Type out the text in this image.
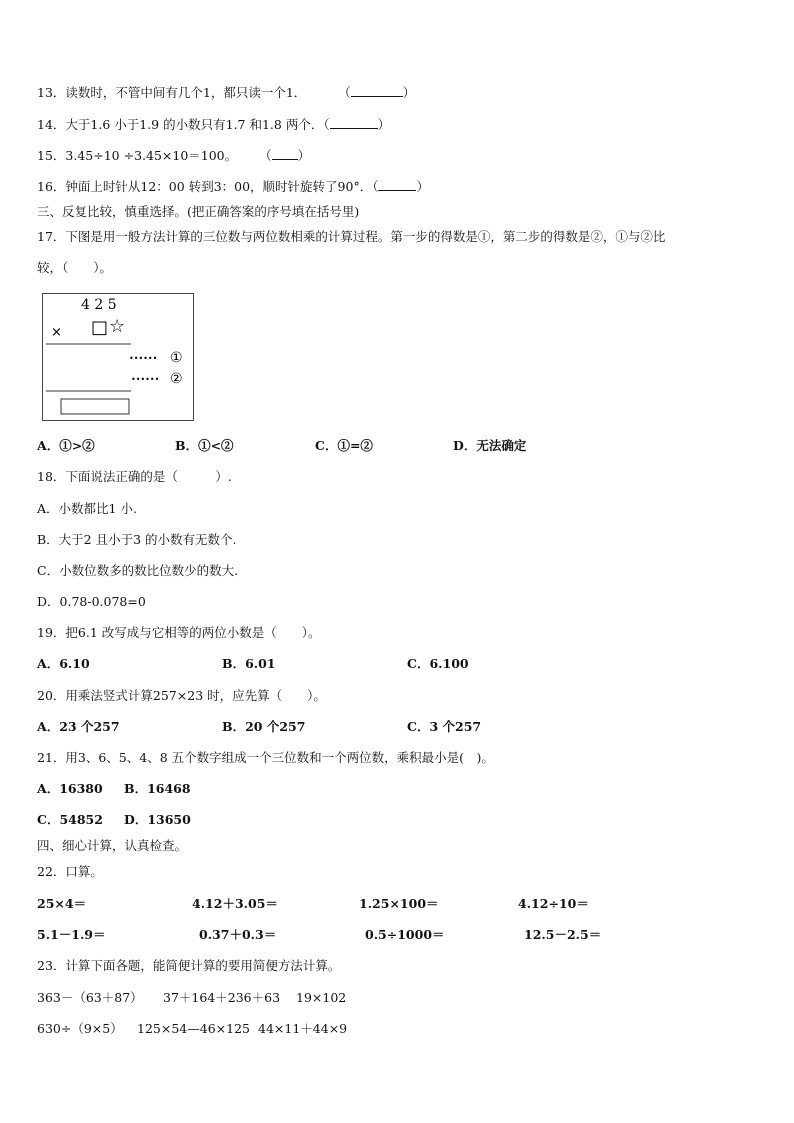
13．读数时，不管中间有几个1，都只读一个1．	（	）
14．大于1.6 小于1.9 的小数只有1.7 和1.8 两个．（	）
15．3.45÷10 ÷3.45×10＝100。 （ ）
16．钟面上时针从12：00 转到3：00，顺时针旋转了90°．（	）
三、反复比较，慎重选择。(把正确答案的序号填在括号里)
17．下图是用一般方法计算的三位数与两位数相乘的计算过程。第一步的得数是①，第二步的得数是②，①与②比
较，（　　）。
4 2 5
× □ ☆
•••••• ①
•••••• ②
A．①>②	B．①<②	C．①=②	D．无法确定
18．下面说法正确的是（　　　）.
A．小数都比1 小.
B．大于2 且小于3 的小数有无数个.
C．小数位数多的数比位数少的数大.
D．0.78-0.078=0
19．把6.1 改写成与它相等的两位小数是（　　）。
A．6.10	B．6.01	C．6.100
20．用乘法竖式计算257×23 时，应先算（　　）。
A．23 个257	B．20 个257	C．3 个257
21．用3、6、5、4、8 五个数字组成一个三位数和一个两位数，乘积最小是(　)。
A．16380 B．16468
C．54852 D．13650
四、细心计算，认真检查。
22．口算。
25×4＝	4.12＋3.05＝	1.25×100＝	4.12÷10＝
5.1－1.9＝	0.37＋0.3＝	0.5÷1000＝	12.5－2.5＝
23．计算下面各题，能简便计算的要用简便方法计算。
363－（63＋87） 37＋164＋236＋63 19×102
630÷（9×5） 125×54—46×125 44×11＋44×9
